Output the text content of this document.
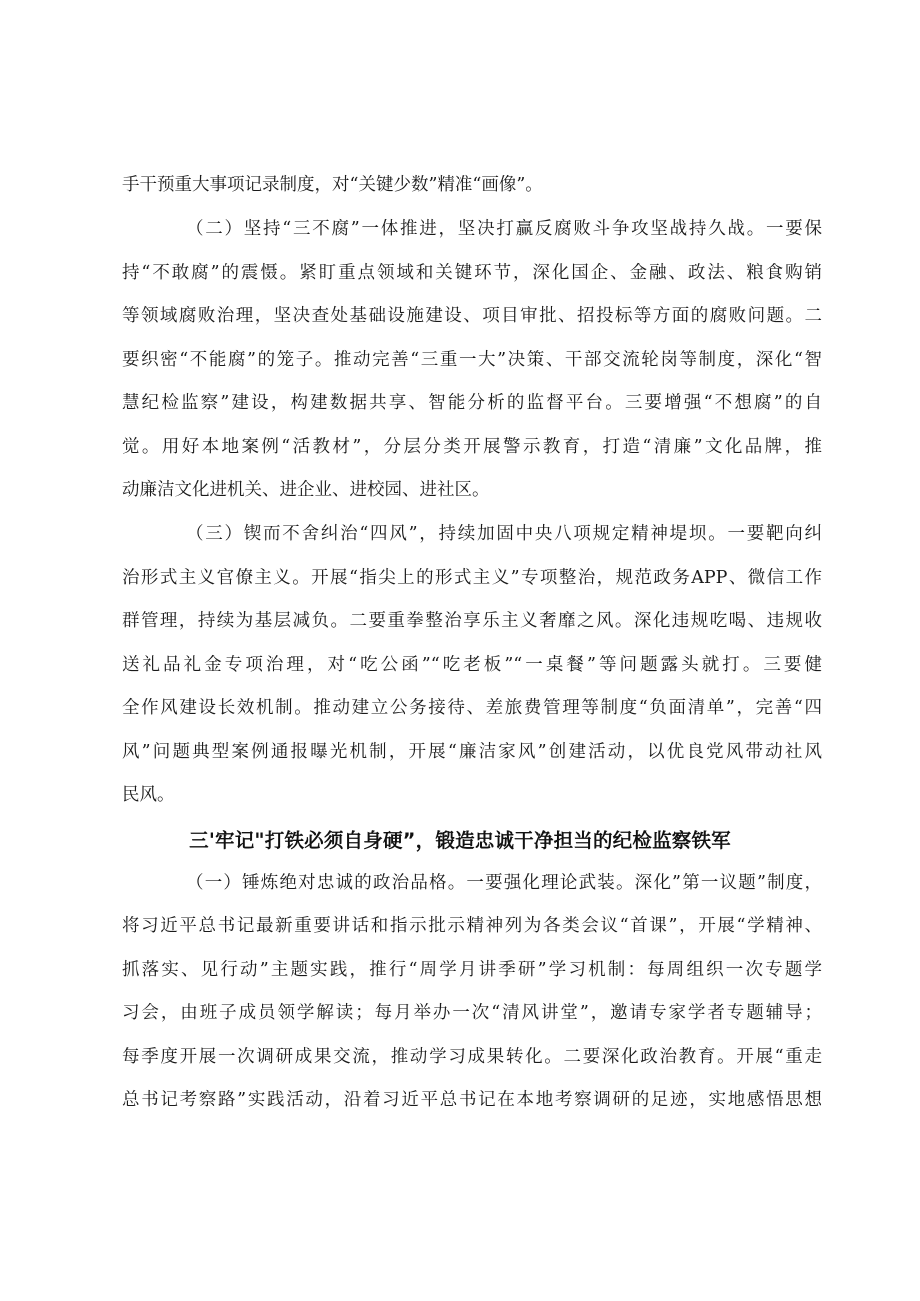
手干预重大事项记录制度，对“关键少数”精准“画像”。
（二）坚持“三不腐”一体推进，坚决打赢反腐败斗争攻坚战持久战。一要保
持“不敢腐”的震慑。紧盯重点领域和关键环节，深化国企、金融、政法、粮食购销
等领域腐败治理，坚决查处基础设施建设、项目审批、招投标等方面的腐败问题。二
要织密“不能腐”的笼子。推动完善“三重一大”决策、干部交流轮岗等制度，深化“智
慧纪检监察”建设，构建数据共享、智能分析的监督平台。三要增强“不想腐”的自
觉。用好本地案例“活教材”，分层分类开展警示教育，打造“清廉”文化品牌，推
动廉洁文化进机关、进企业、进校园、进社区。
（三）锲而不舍纠治“四风”，持续加固中央八项规定精神堤坝。一要靶向纠
治形式主义官僚主义。开展“指尖上的形式主义”专项整治，规范政务APP、微信工作
群管理，持续为基层减负。二要重拳整治享乐主义奢靡之风。深化违规吃喝、违规收
送礼品礼金专项治理，对“吃公函”“吃老板”“一桌餐”等问题露头就打。三要健
全作风建设长效机制。推动建立公务接待、差旅费管理等制度“负面清单”，完善“四
风”问题典型案例通报曝光机制，开展“廉洁家风”创建活动，以优良党风带动社风
民风。
三'牢记"打铁必须自身硬”，锻造忠诚干净担当的纪检监察铁军
（一）锤炼绝对忠诚的政治品格。一要强化理论武装。深化”第一议题”制度，
将习近平总书记最新重要讲话和指示批示精神列为各类会议“首课”，开展“学精神、
抓落实、见行动”主题实践，推行“周学月讲季研”学习机制：每周组织一次专题学
习会，由班子成员领学解读；每月举办一次“清风讲堂”，邀请专家学者专题辅导；
每季度开展一次调研成果交流，推动学习成果转化。二要深化政治教育。开展“重走
总书记考察路”实践活动，沿着习近平总书记在本地考察调研的足迹，实地感悟思想
